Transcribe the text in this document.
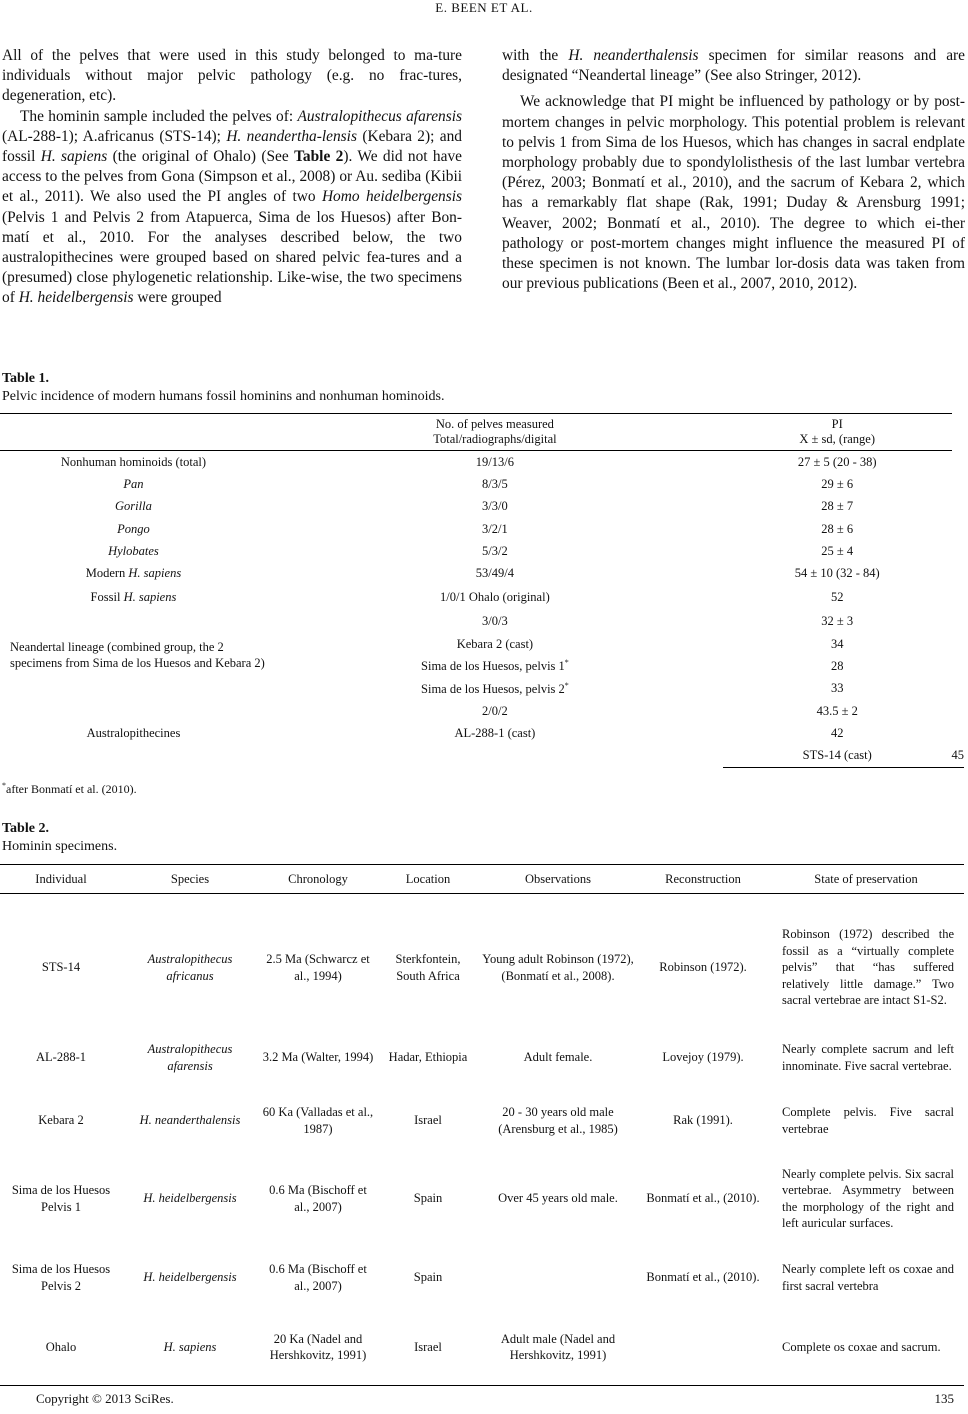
E. BEEN ET AL.

All of the pelves that were used in this study belonged to ma-ture individuals without major pelvic pathology (e.g. no frac-tures, degeneration, etc).

The hominin sample included the pelves of: Australopithecus afarensis (AL-288-1); A.africanus (STS-14); H. neandertha-lensis (Kebara 2); and fossil H. sapiens (the original of Ohalo) (See Table 2). We did not have access to the pelves from Gona (Simpson et al., 2008) or Au. sediba (Kibii et al., 2011). We also used the PI angles of two Homo heidelbergensis (Pelvis 1 and Pelvis 2 from Atapuerca, Sima de los Huesos) after Bon-matí et al., 2010. For the analyses described below, the two australopithecines were grouped based on shared pelvic fea-tures and a (presumed) close phylogenetic relationship. Like-wise, the two specimens of H. heidelbergensis were grouped

with the H. neanderthalensis specimen for similar reasons and are designated “Neandertal lineage” (See also Stringer, 2012).

We acknowledge that PI might be influenced by pathology or by post-mortem changes in pelvic morphology. This potential problem is relevant to pelvis 1 from Sima de los Huesos, which has changes in sacral endplate morphology probably due to spondylolisthesis of the last lumbar vertebra (Pérez, 2003; Bonmatí et al., 2010), and the sacrum of Kebara 2, which has a remarkably flat shape (Rak, 1991; Duday & Arensburg 1991; Weaver, 2002; Bonmatí et al., 2010). The degree to which ei-ther pathology or post-mortem changes might influence the measured PI of these specimen is not known. The lumbar lor-dosis data was taken from our previous publications (Been et al., 2007, 2010, 2012).

Table 1.
Pelvic incidence of modern humans fossil hominins and nonhuman hominoids.
	No. of pelves measured
Total/radiographs/digital	PI
X ± sd, (range)	
Nonhuman hominoids (total)	19/13/6	27 ± 5 (20 - 38)	
Pan	8/3/5	29 ± 6	
Gorilla	3/3/0	28 ± 7	
Pongo	3/2/1	28 ± 6	
Hylobates	5/3/2	25 ± 4	
Modern H. sapiens	53/49/4	54 ± 10 (32 - 84)	
Fossil H. sapiens	1/0/1 Ohalo (original)	52	
Neandertal lineage (combined group, the 2 specimens from Sima de los Huesos and Kebara 2)	3/0/3	32 ± 3	
	Kebara 2 (cast)	34	
	Sima de los Huesos, pelvis 1*	28	
	Sima de los Huesos, pelvis 2*	33	
Australopithecines	2/0/2	43.5 ± 2	
	AL-288-1 (cast)	42	
		STS-14 (cast)	45
*after Bonmatí et al. (2010).
Table 2.
Hominin specimens.
Individual	Species	Chronology	Location	Observations	Reconstruction	State of preservation

STS-14	Australopithecus africanus	2.5 Ma (Schwarcz et al., 1994)	Sterkfontein, South Africa	Young adult Robinson (1972), (Bonmatí et al., 2008).	Robinson (1972).	Robinson (1972) described the fossil as a “virtually complete pelvis” that “has suffered relatively little damage.” Two sacral vertebrae are intact S1-S2.
AL-288-1	Australopithecus afarensis	3.2 Ma (Walter, 1994)	Hadar, Ethiopia	Adult female.	Lovejoy (1979).	Nearly complete sacrum and left innominate. Five sacral vertebrae.
Kebara 2	H. neanderthalensis	60 Ka (Valladas et al., 1987)	Israel	20 - 30 years old male (Arensburg et al., 1985)	Rak (1991).	Complete pelvis. Five sacral vertebrae
Sima de los Huesos Pelvis 1	H. heidelbergensis	0.6 Ma (Bischoff et al., 2007)	Spain	Over 45 years old male.	Bonmatí et al., (2010).	Nearly complete pelvis. Six sacral vertebrae. Asymmetry between the morphology of the right and left auricular surfaces.
Sima de los Huesos Pelvis 2	H. heidelbergensis	0.6 Ma (Bischoff et al., 2007)	Spain		Bonmatí et al., (2010).	Nearly complete left os coxae and first sacral vertebra
Ohalo	H. sapiens	20 Ka (Nadel and Hershkovitz, 1991)	Israel	Adult male (Nadel and Hershkovitz, 1991)		Complete os coxae and sacrum.
Copyright © 2013 SciRes.	135
